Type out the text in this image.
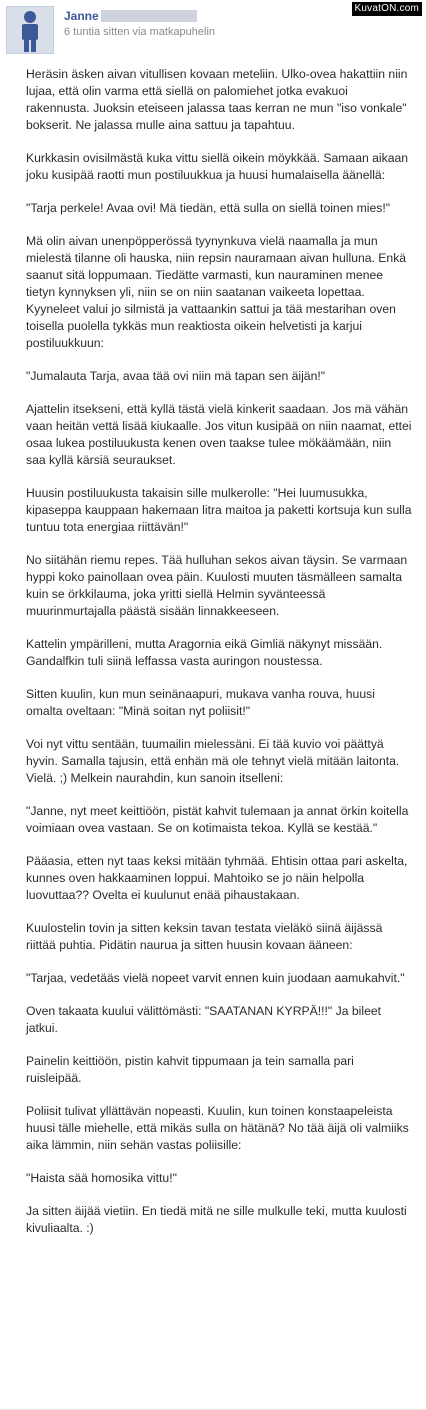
Janne
6 tuntia sitten via matkapuhelin
KuvatON.com

Heräsin äsken aivan vitullisen kovaan meteliin. Ulko-ovea hakattiin niin lujaa, että olin varma että siellä on palomiehet jotka evakuoi rakennusta. Juoksin eteiseen jalassa taas kerran ne mun "iso vonkale" bokserit. Ne jalassa mulle aina sattuu ja tapahtuu.

Kurkkasin ovisilmästä kuka vittu siellä oikein möykkää. Samaan aikaan joku kusipää raotti mun postiluukkua ja huusi humalaisella äänellä:

"Tarja perkele! Avaa ovi! Mä tiedän, että sulla on siellä toinen mies!"

Mä olin aivan unenpöpperössä tyynynkuva vielä naamalla ja mun mielestä tilanne oli hauska, niin repsin nauramaan aivan hulluna. Enkä saanut sitä loppumaan. Tiedätte varmasti, kun nauraminen menee tietyn kynnyksen yli, niin se on niin saatanan vaikeeta lopettaa. Kyyneleet valui jo silmistä ja vattaankin sattui ja tää mestarihan oven toisella puolella tykkäs mun reaktiosta oikein helvetisti ja karjui postiluukkuun:

"Jumalauta Tarja, avaa tää ovi niin mä tapan sen äijän!"

Ajattelin itsekseni, että kyllä tästä vielä kinkerit saadaan. Jos mä vähän vaan heitän vettä lisää kiukaalle. Jos vitun kusipää on niin naamat, ettei osaa lukea postiluukusta kenen oven taakse tulee mökäämään, niin saa kyllä kärsiä seuraukset.

Huusin postiluukusta takaisin sille mulkerolle: "Hei luumusukka, kipaseppa kauppaan hakemaan litra maitoa ja paketti kortsuja kun sulla tuntuu tota energiaa riittävän!"

No siitähän riemu repes. Tää hulluhan sekos aivan täysin. Se varmaan hyppi koko painollaan ovea päin. Kuulosti muuten täsmälleen samalta kuin se örkkilauma, joka yritti siellä Helmin syvänteessä muurinmurtajalla päästä sisään linnakkeeseen.

Kattelin ympärilleni, mutta Aragornia eikä Gimliä näkynyt missään. Gandalfkin tuli siinä leffassa vasta auringon noustessa.

Sitten kuulin, kun mun seinänaapuri, mukava vanha rouva, huusi omalta oveltaan: "Minä soitan nyt poliisit!"

Voi nyt vittu sentään, tuumailin mielessäni. Ei tää kuvio voi päättyä hyvin. Samalla tajusin, että enhän mä ole tehnyt vielä mitään laitonta. Vielä. ;) Melkein naurahdin, kun sanoin itselleni:

"Janne, nyt meet keittiöön, pistät kahvit tulemaan ja annat örkin koitella voimiaan ovea vastaan. Se on kotimaista tekoa. Kyllä se kestää."

Pääasia, etten nyt taas keksi mitään tyhmää. Ehtisin ottaa pari askelta, kunnes oven hakkaaminen loppui. Mahtoiko se jo näin helpolla luovuttaa?? Ovelta ei kuulunut enää pihaustakaan.

Kuulostelin tovin ja sitten keksin tavan testata vieläkö siinä äijässä riittää puhtia. Pidätin naurua ja sitten huusin kovaan ääneen:

"Tarjaa, vedetääs vielä nopeet varvit ennen kuin juodaan aamukahvit."

Oven takaata kuului välittömästi: "SAATANAN KYRPÄ!!!" Ja bileet jatkui.

Painelin keittiöön, pistin kahvit tippumaan ja tein samalla pari ruisleipää.

Poliisit tulivat yllättävän nopeasti. Kuulin, kun toinen konstaapeleista huusi tälle miehelle, että mikäs sulla on hätänä? No tää äijä oli valmiiks aika lämmin, niin sehän vastas poliisille:

"Haista sää homosika vittu!"

Ja sitten äijää vietiin. En tiedä mitä ne sille mulkulle teki, mutta kuulosti kivuliaalta. :)
